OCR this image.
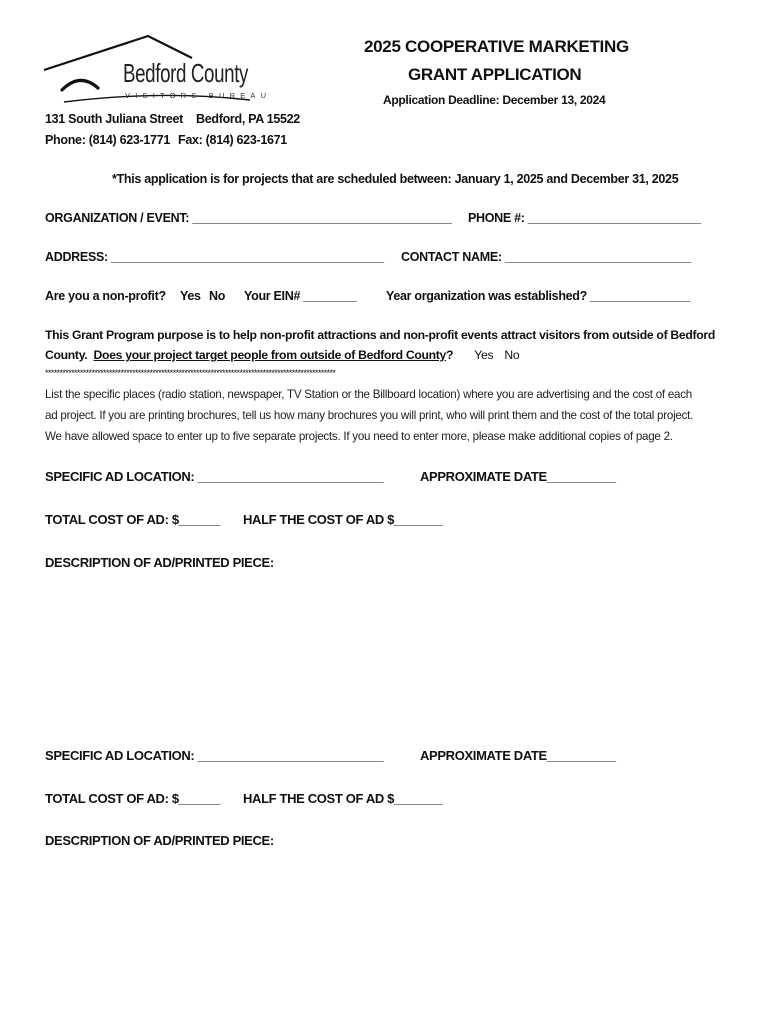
Bedford County
VISITORS BUREAU
2025 COOPERATIVE MARKETING
GRANT APPLICATION
Application Deadline: December 13, 2024
131 South Juliana Street Bedford, PA 15522
Phone: (814) 623-1771 Fax: (814) 623-1671
*This application is for projects that are scheduled between: January 1, 2025 and December 31, 2025
ORGANIZATION / EVENT: _______________________________________ PHONE #: __________________________
ADDRESS: _________________________________________ CONTACT NAME: ____________________________
Are you a non-profit? Yes No Your EIN# ________ Year organization was established? _______________
This Grant Program purpose is to help non-profit attractions and non-profit events attract visitors from outside of Bedford
County. Does your project target people from outside of Bedford County? Yes No
****************************************************************************************************
List the specific places (radio station, newspaper, TV Station or the Billboard location) where you are advertising and the cost of each
ad project. If you are printing brochures, tell us how many brochures you will print, who will print them and the cost of the total project.
We have allowed space to enter up to five separate projects. If you need to enter more, please make additional copies of page 2.
SPECIFIC AD LOCATION: ___________________________	APPROXIMATE DATE__________
TOTAL COST OF AD: $______ HALF THE COST OF AD $_______
DESCRIPTION OF AD/PRINTED PIECE:
SPECIFIC AD LOCATION: ___________________________	APPROXIMATE DATE__________
TOTAL COST OF AD: $______ HALF THE COST OF AD $_______
DESCRIPTION OF AD/PRINTED PIECE:
